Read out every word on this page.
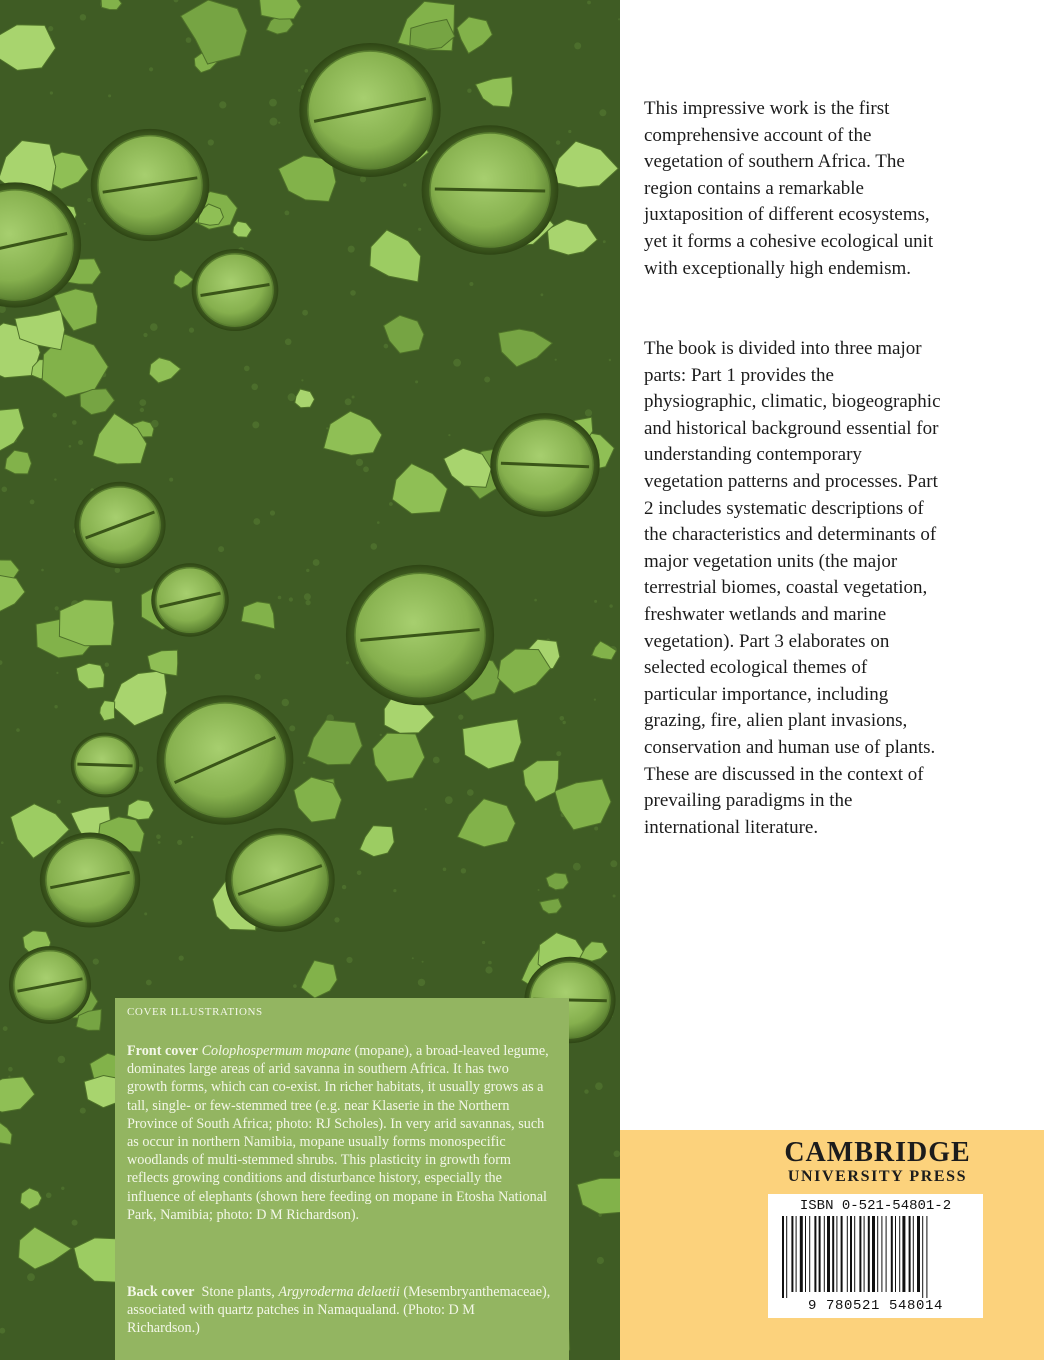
This impressive work is the first comprehensive account of the vegetation of southern Africa. The region contains a remarkable juxtaposition of different ecosystems, yet it forms a cohesive ecological unit with exceptionally high endemism.

The book is divided into three major parts: Part 1 provides the physiographic, climatic, biogeographic and historical background essential for understanding contemporary vegetation patterns and processes. Part 2 includes systematic descriptions of the characteristics and determinants of major vegetation units (the major terrestrial biomes, coastal vegetation, freshwater wetlands and marine vegetation). Part 3 elaborates on selected ecological themes of particular importance, including grazing, fire, alien plant invasions, conservation and human use of plants. These are discussed in the context of prevailing paradigms in the international literature.

COVER ILLUSTRATIONS

Front cover Colophospermum mopane (mopane), a broad-leaved legume, dominates large areas of arid savanna in southern Africa. It has two growth forms, which can co-exist. In richer habitats, it usually grows as a tall, single- or few-stemmed tree (e.g. near Klaserie in the Northern Province of South Africa; photo: RJ Scholes). In very arid savannas, such as occur in northern Namibia, mopane usually forms monospecific woodlands of multi-stemmed shrubs. This plasticity in growth form reflects growing conditions and disturbance history, especially the influence of elephants (shown here feeding on mopane in Etosha National Park, Namibia; photo: D M Richardson).

Back cover Stone plants, Argyroderma delaetii (Mesembryanthemaceae), associated with quartz patches in Namaqualand. (Photo: D M Richardson.)

CAMBRIDGE
UNIVERSITY PRESS
ISBN 0-521-54801-2
9 780521 548014
